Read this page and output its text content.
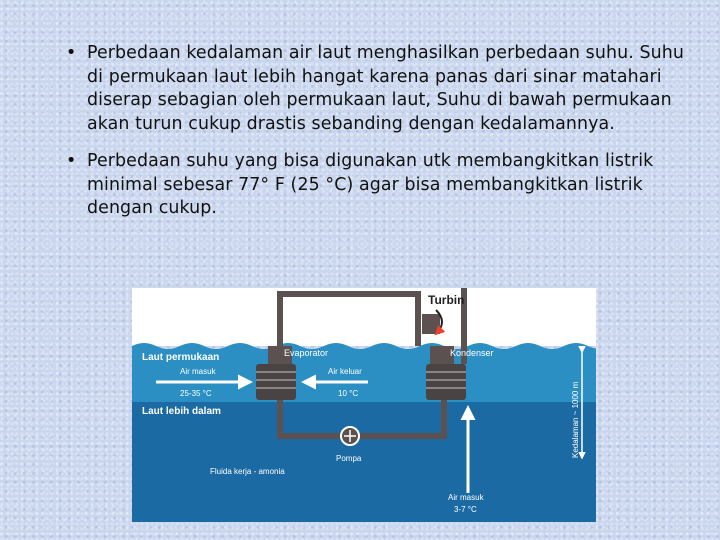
• Perbedaan kedalaman air laut menghasilkan perbedaan suhu. Suhu di permukaan laut lebih hangat karena panas dari sinar matahari diserap sebagian oleh permukaan laut, Suhu di bawah permukaan akan turun cukup drastis sebanding dengan kedalamannya.
• Perbedaan suhu yang bisa digunakan utk membangkitkan listrik minimal sebesar 77° F (25 °C) agar bisa membangkitkan listrik dengan cukup.
Turbin
Laut permukaan
Laut lebih dalam
Evaporator	Kondenser
Air masuk
25-35 °C
Air keluar
10 °C
Pompa
Fluida kerja - amonia
Air masuk
3-7 °C
Kedalaman ~ 1000 m
